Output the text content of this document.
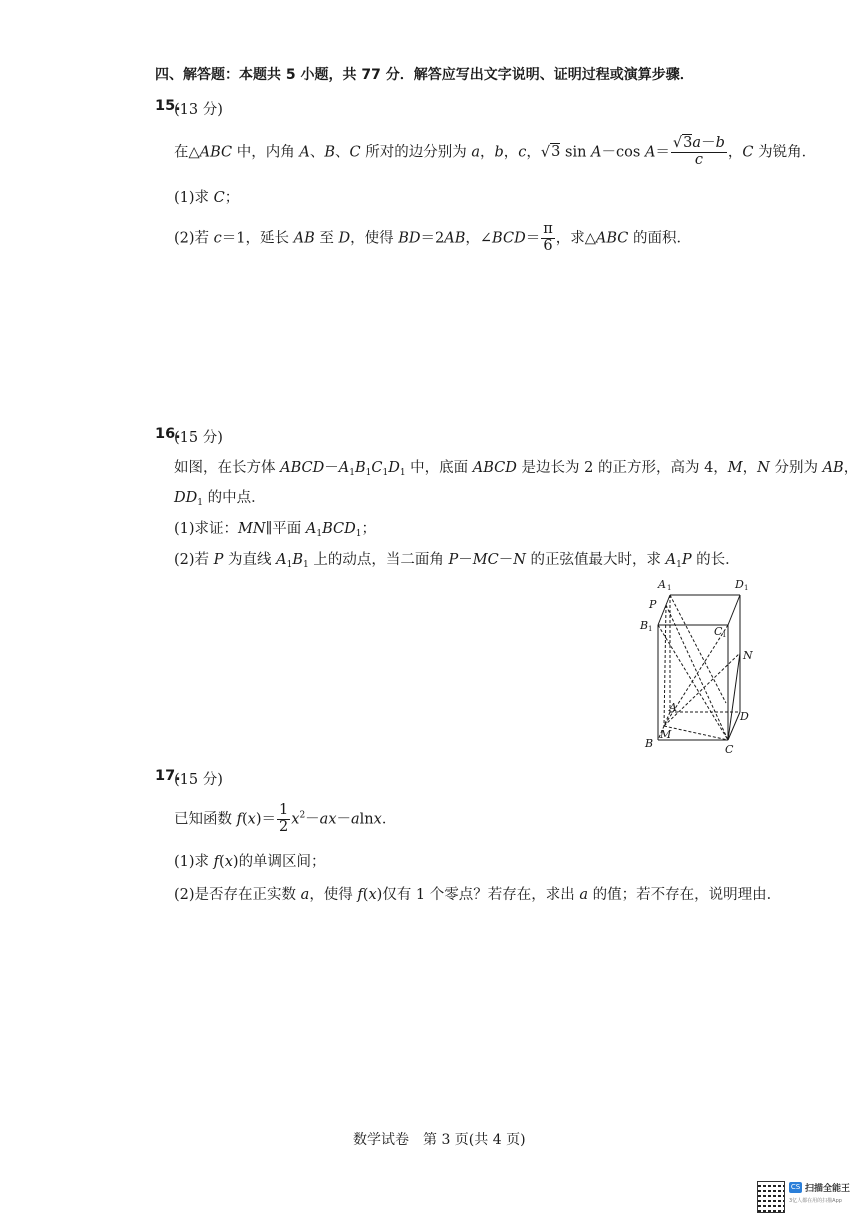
四、解答题：本题共 5 小题，共 77 分．解答应写出文字说明、证明过程或演算步骤．
15.
(13 分)
在△ABC 中，内角 A、B、C 所对的边分别为 a，b，c，√3 sin A－cos $A= \frac{√3a-b}{c}$ ，C 为锐角．
(1)求 C；
(2)若 c＝1，延长 AB 至 D，使得 BD＝2AB，∠BCD＝ $\frac{\pi}{6}$ ，求△ABC 的面积．
16.
(15 分)
如图，在长方体 $ABCD-A_1B_1C_1D_1$ 中，底面 ABCD 是边长为 2 的正方形，高为 4，M，N 分别为 AB，
$DD_1$ 的中点．
(1)求证：MN∥平面 $A_1BCD_1$；
(2)若 P 为直线 $A_1B_1$ 上的动点，当二面角 P－MC－N 的正弦值最大时，求 $A_1P$ 的长．
A 1	D 1
P
B 1	C 1
N
A
D
M
B	C
17.
(15 分)
已知函数 $f(x)= \frac{1}{2} x^2-ax-alnx$．
(1)求 f(x)的单调区间；
(2)是否存在正实数 a，使得 f(x)仅有 1 个零点？若存在，求出 a 的值；若不存在，说明理由．
数学试卷　第 3 页(共 4 页)
CS 扫描全能王
3亿人都在用的扫描App
